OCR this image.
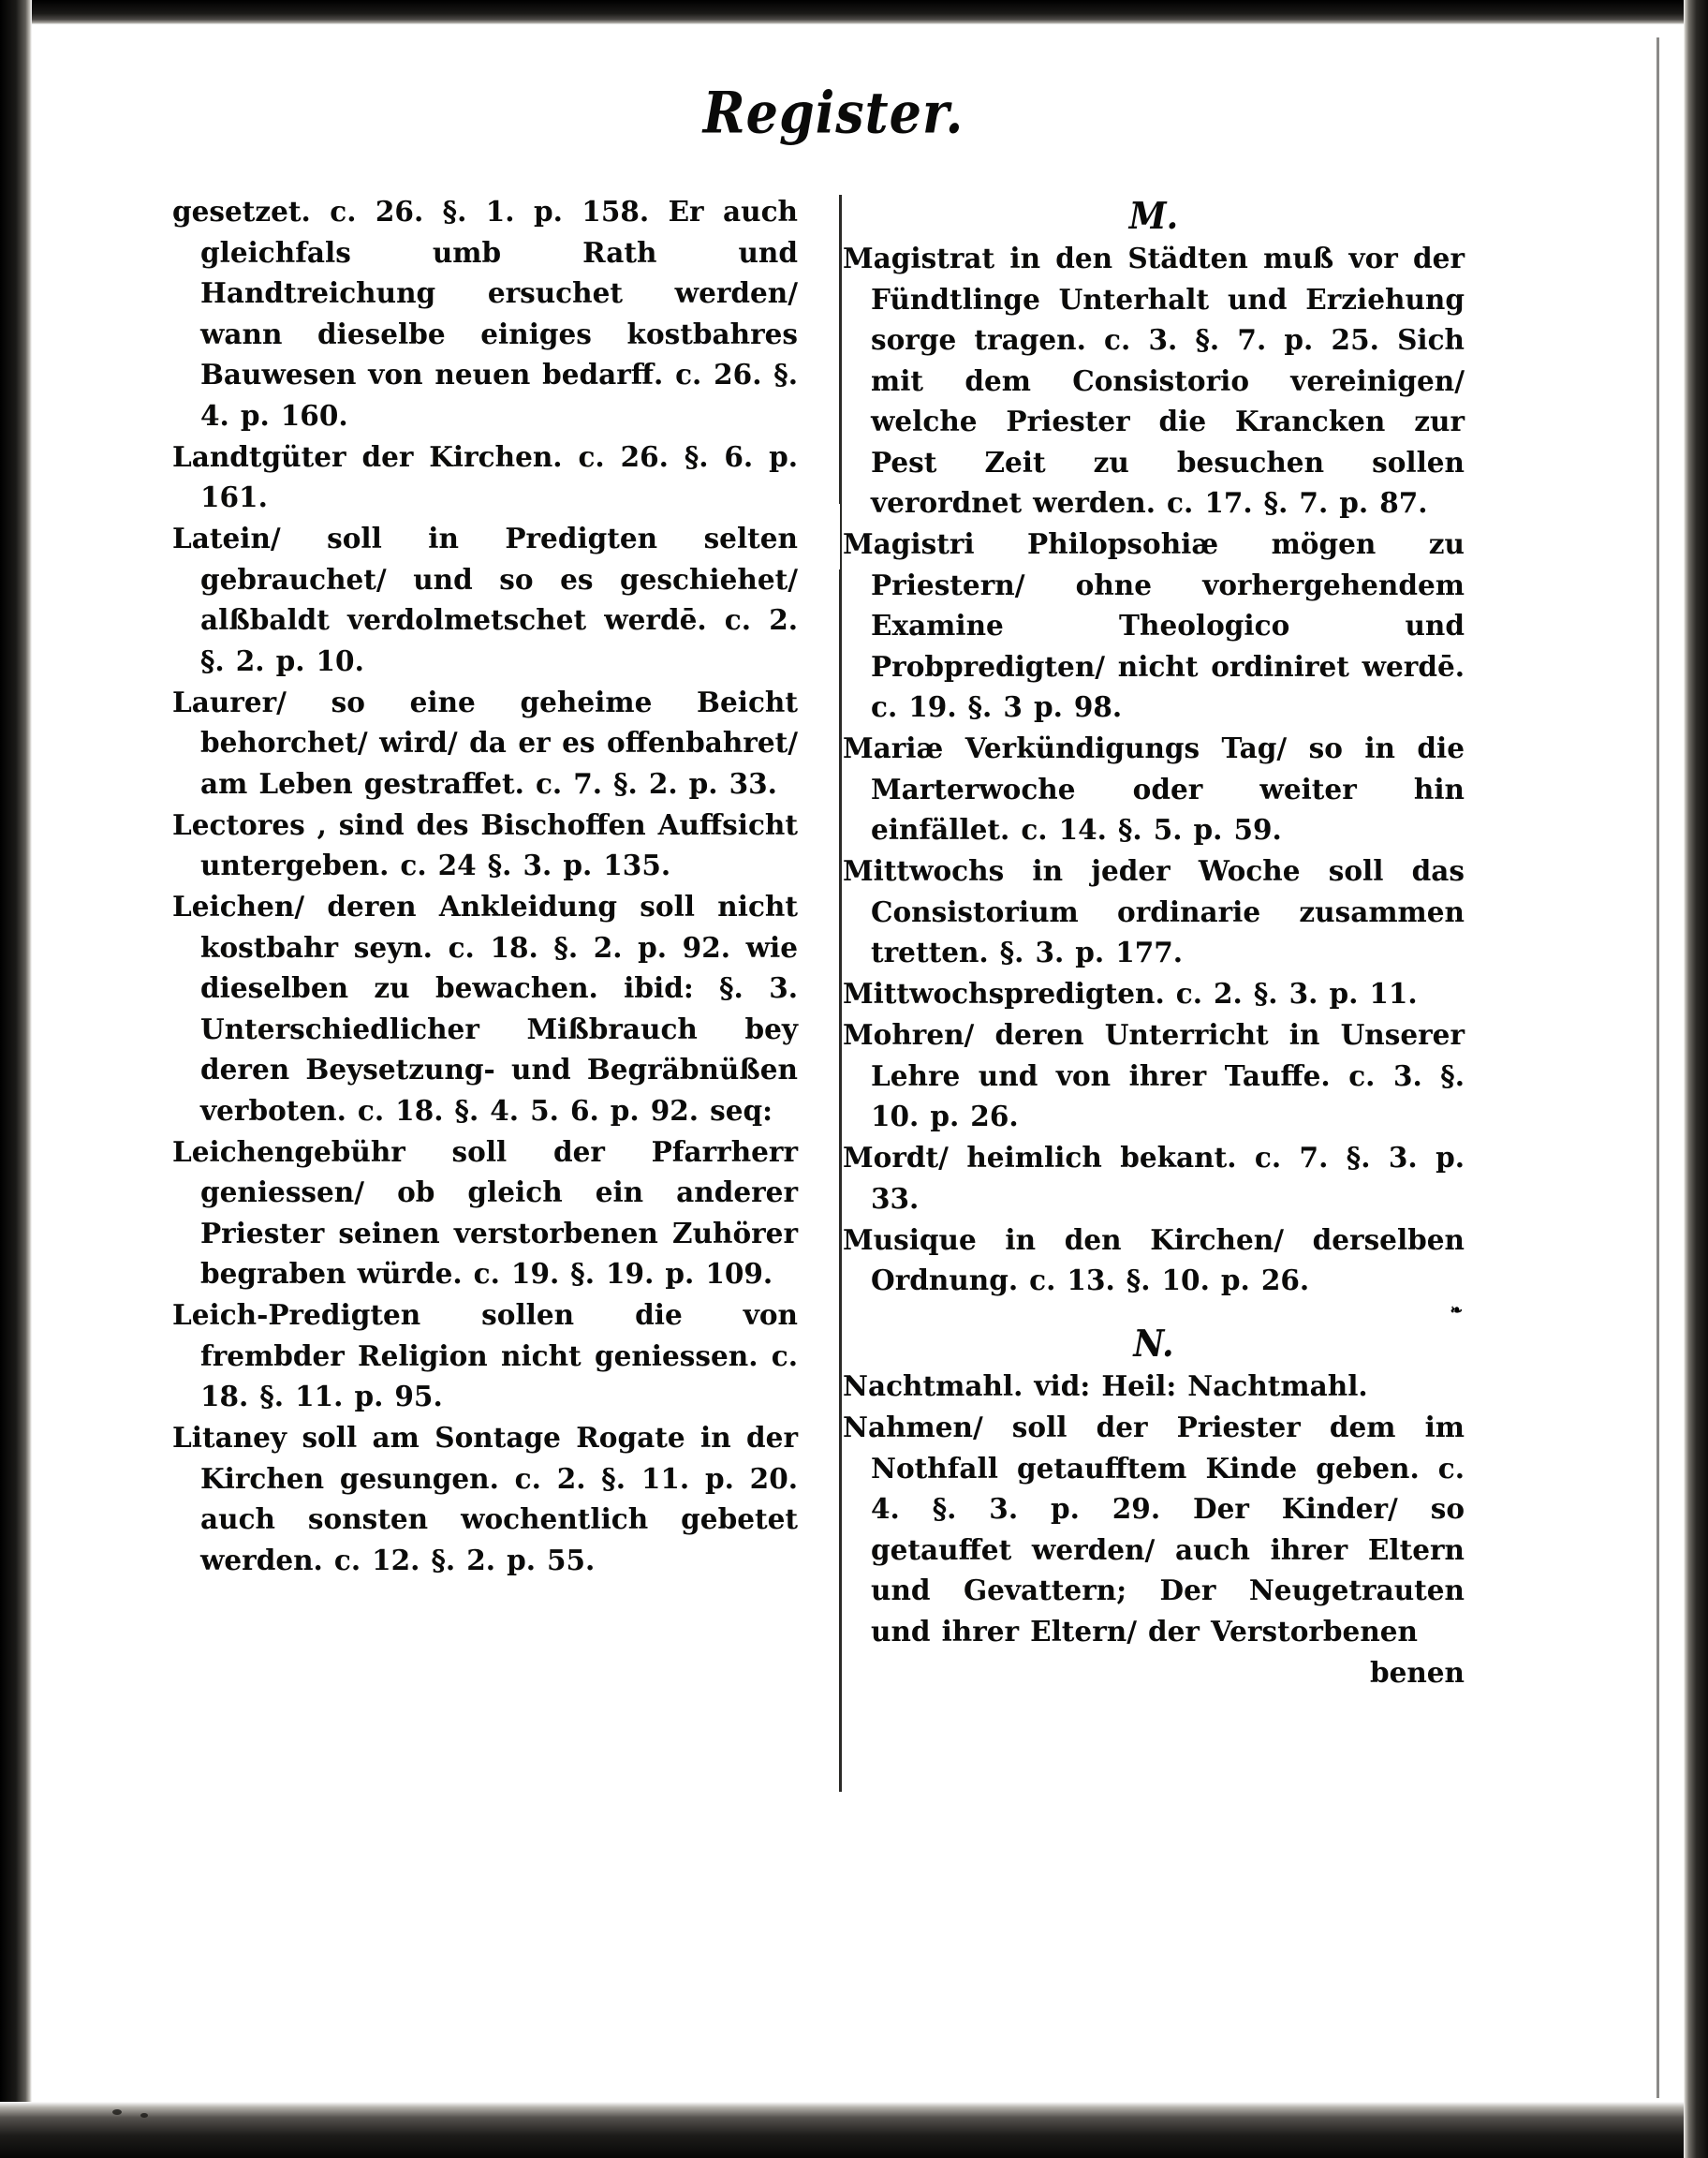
Register.

gesetzet. c. 26. §. 1. p. 158. Er auch gleichfals umb Rath und Handtreichung ersuchet werden/ wann dieselbe einiges kostbahres Bauwesen von neuen bedarff. c. 26. §. 4. p. 160.

Landtgüter der Kirchen. c. 26. §. 6. p. 161.

Latein/ soll in Predigten selten gebrauchet/ und so es geschiehet/ alßbaldt verdolmetschet werdē. c. 2. §. 2. p. 10.

Laurer/ so eine geheime Beicht behorchet/ wird/ da er es offenbahret/ am Leben gestraffet. c. 7. §. 2. p. 33.

Lectores , sind des Bischoffen Auffsicht untergeben. c. 24 §. 3. p. 135.

Leichen/ deren Ankleidung soll nicht kostbahr seyn. c. 18. §. 2. p. 92. wie dieselben zu bewachen. ibid: §. 3. Unterschiedlicher Mißbrauch bey deren Beysetzung- und Begräbnüßen verboten. c. 18. §. 4. 5. 6. p. 92. seq:

Leichengebühr soll der Pfarrherr geniessen/ ob gleich ein anderer Priester seinen verstorbenen Zuhörer begraben würde. c. 19. §. 19. p. 109.

Leich-Predigten sollen die von frembder Religion nicht geniessen. c. 18. §. 11. p. 95.

Litaney soll am Sontage Rogate in der Kirchen gesungen. c. 2. §. 11. p. 20. auch sonsten wochentlich gebetet werden. c. 12. §. 2. p. 55.

M.

Magistrat in den Städten muß vor der Fündtlinge Unterhalt und Erziehung sorge tragen. c. 3. §. 7. p. 25. Sich mit dem Consistorio vereinigen/ welche Priester die Krancken zur Pest Zeit zu besuchen sollen verordnet werden. c. 17. §. 7. p. 87.

Magistri Philopsohiæ mögen zu Priestern/ ohne vorhergehendem Examine Theologico und Probpredigten/ nicht ordiniret werdē. c. 19. §. 3 p. 98.

Mariæ Verkündigungs Tag/ so in die Marterwoche oder weiter hin einfället. c. 14. §. 5. p. 59.

Mittwochs in jeder Woche soll das Consistorium ordinarie zusammen tretten. §. 3. p. 177.

Mittwochspredigten. c. 2. §. 3. p. 11.

Mohren/ deren Unterricht in Unserer Lehre und von ihrer Tauffe. c. 3. §. 10. p. 26.

Mordt/ heimlich bekant. c. 7. §. 3. p. 33.

Musique in den Kirchen/ derselben Ordnung. c. 13. §. 10. p. 26.

❧
N.

Nachtmahl. vid: Heil: Nachtmahl.

Nahmen/ soll der Priester dem im Nothfall getaufftem Kinde geben. c. 4. §. 3. p. 29. Der Kinder/ so getauffet werden/ auch ihrer Eltern und Gevattern; Der Neugetrauten und ihrer Eltern/ der Verstorbenen

benen
